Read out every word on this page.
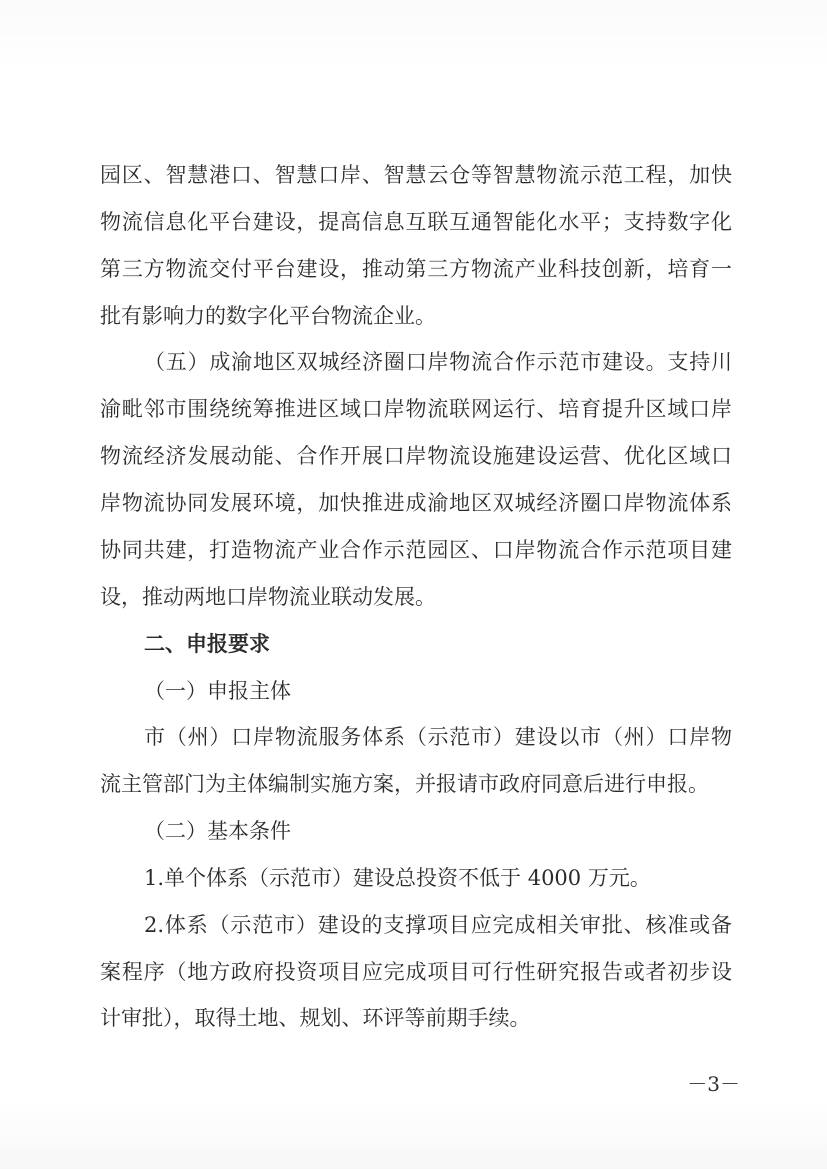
园区、智慧港口、智慧口岸、智慧云仓等智慧物流示范工程，加快
物流信息化平台建设，提高信息互联互通智能化水平；支持数字化
第三方物流交付平台建设，推动第三方物流产业科技创新，培育一
批有影响力的数字化平台物流企业。
（五）成渝地区双城经济圈口岸物流合作示范市建设。支持川
渝毗邻市围绕统筹推进区域口岸物流联网运行、培育提升区域口岸
物流经济发展动能、合作开展口岸物流设施建设运营、优化区域口
岸物流协同发展环境，加快推进成渝地区双城经济圈口岸物流体系
协同共建，打造物流产业合作示范园区、口岸物流合作示范项目建
设，推动两地口岸物流业联动发展。
二、申报要求
（一）申报主体
市（州）口岸物流服务体系（示范市）建设以市（州）口岸物
流主管部门为主体编制实施方案，并报请市政府同意后进行申报。
（二）基本条件
1.单个体系（示范市）建设总投资不低于 4000 万元。
2.体系（示范市）建设的支撑项目应完成相关审批、核准或备
案程序（地方政府投资项目应完成项目可行性研究报告或者初步设
计审批），取得土地、规划、环评等前期手续。
－3－
